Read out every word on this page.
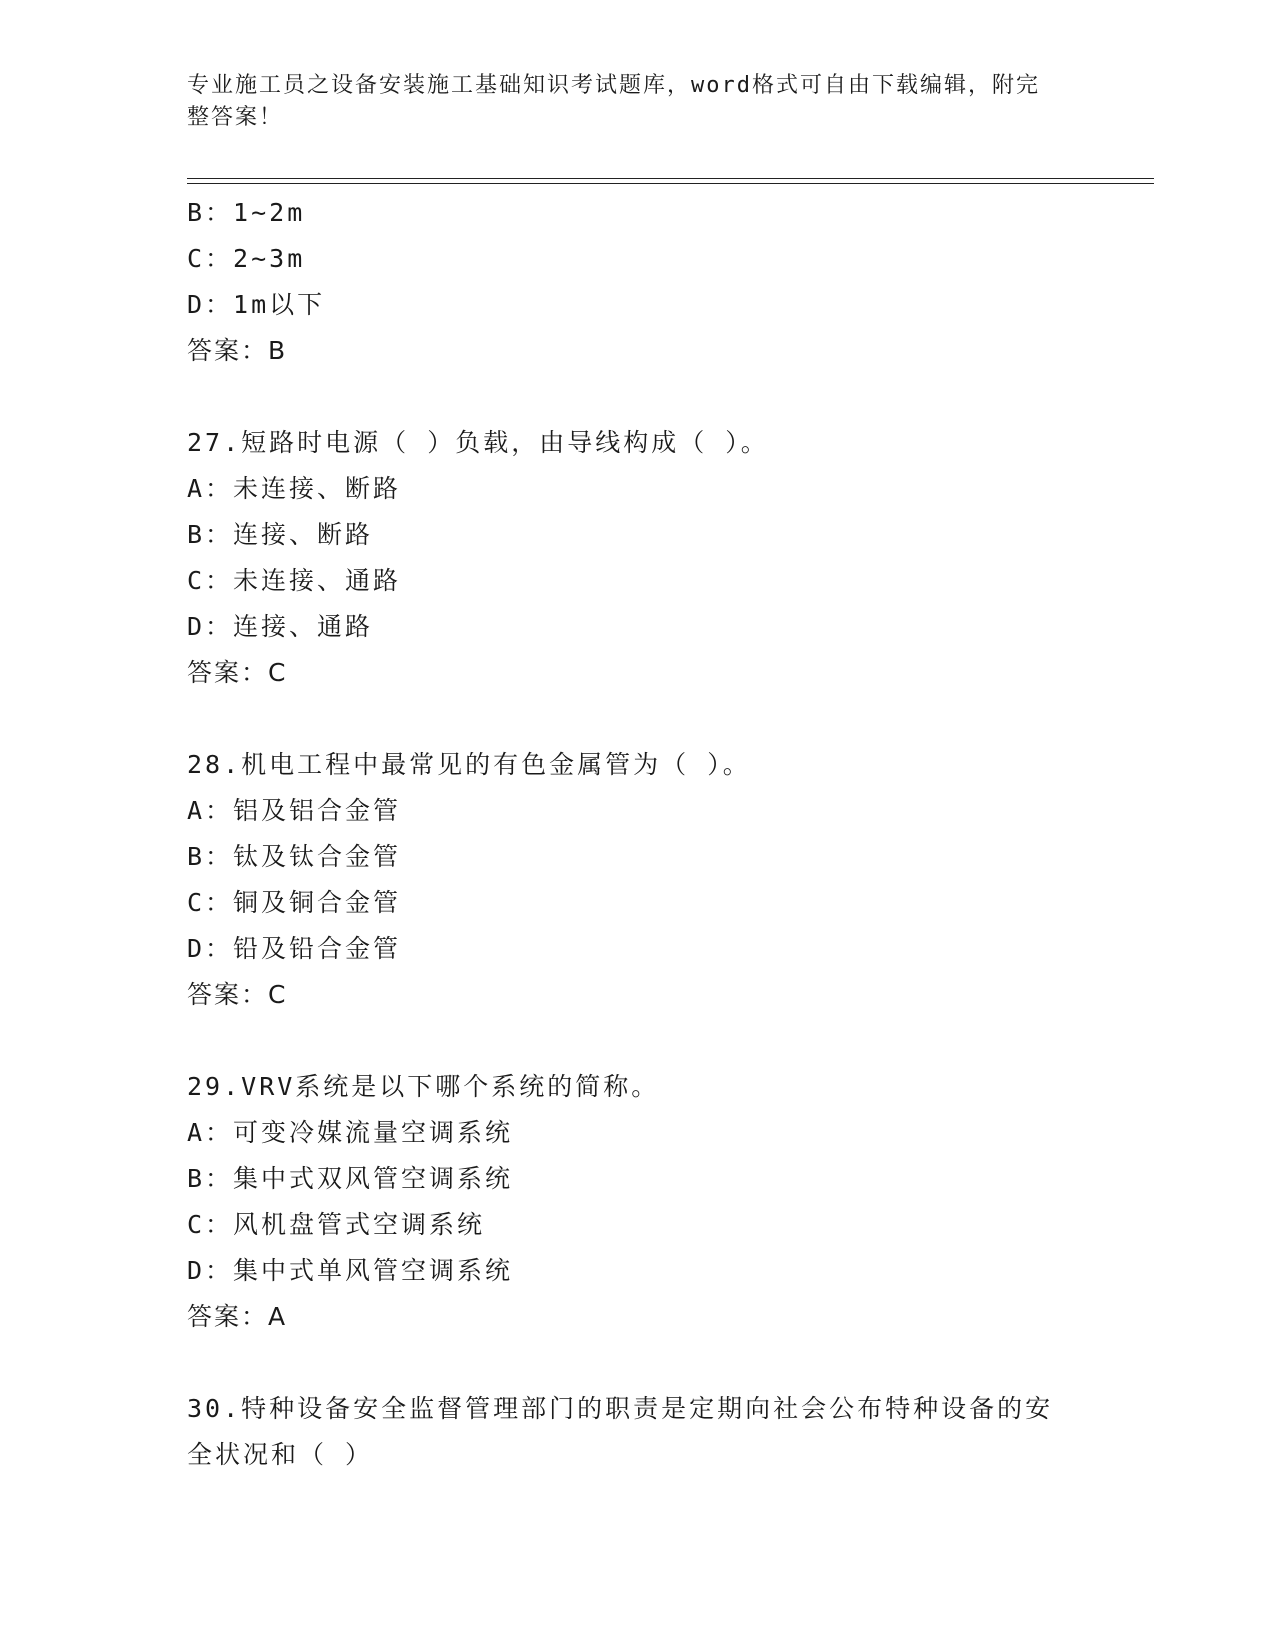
专业施工员之设备安装施工基础知识考试题库，word格式可自由下载编辑，附完
整答案！
B：1~2m
C：2~3m
D：1m以下
答案：B
27.短路时电源（ ）负载，由导线构成（ ）。
A：未连接、断路
B：连接、断路
C：未连接、通路
D：连接、通路
答案：C
28.机电工程中最常见的有色金属管为（ ）。
A：铝及铝合金管
B：钛及钛合金管
C：铜及铜合金管
D：铅及铅合金管
答案：C
29.VRV系统是以下哪个系统的简称。
A：可变冷媒流量空调系统
B：集中式双风管空调系统
C：风机盘管式空调系统
D：集中式单风管空调系统
答案：A
30.特种设备安全监督管理部门的职责是定期向社会公布特种设备的安
全状况和（ ）
